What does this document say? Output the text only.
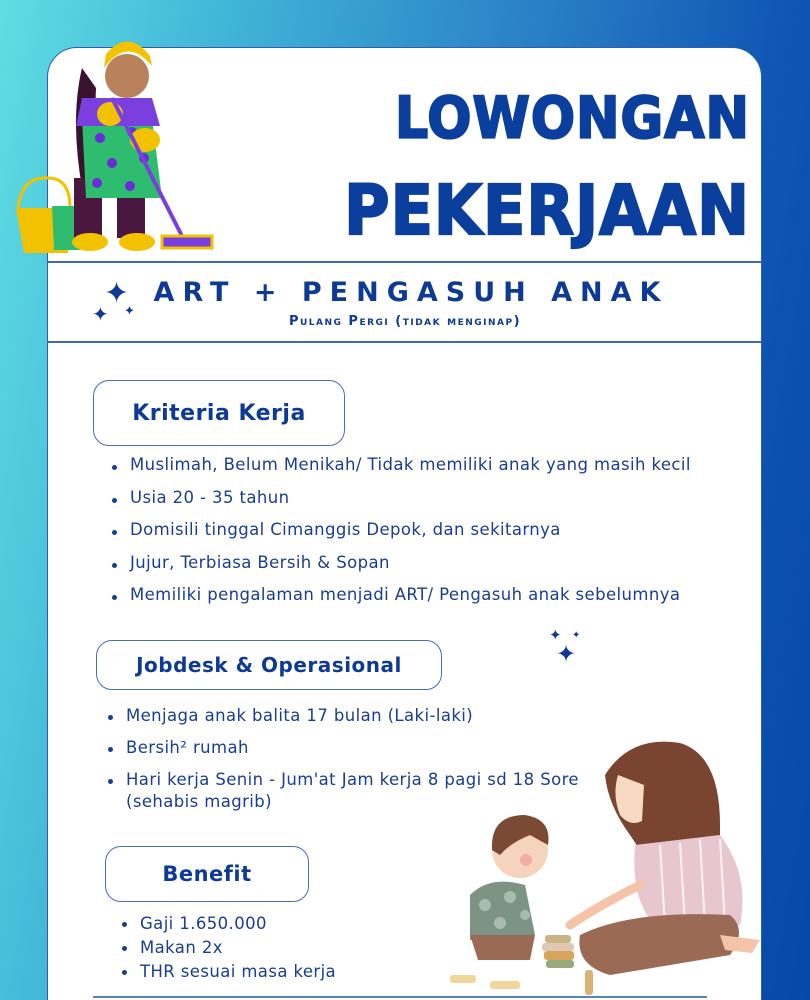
LOWONGAN
PEKERJAAN
✦
✦ ✦
ART + PENGASUH ANAK
Pulang Pergi (tidak menginap)
Kriteria Kerja
Muslimah, Belum Menikah/ Tidak memiliki anak yang masih kecil
Usia 20 - 35 tahun
Domisili tinggal Cimanggis Depok, dan sekitarnya
Jujur, Terbiasa Bersih & Sopan
Memiliki pengalaman menjadi ART/ Pengasuh anak sebelumnya
✦ ✦
✦
Jobdesk & Operasional
Menjaga anak balita 17 bulan (Laki-laki)
Bersih² rumah
Hari kerja Senin - Jum'at Jam kerja 8 pagi sd 18 Sore (sehabis magrib)
Benefit
Gaji 1.650.000
Makan 2x
THR sesuai masa kerja
